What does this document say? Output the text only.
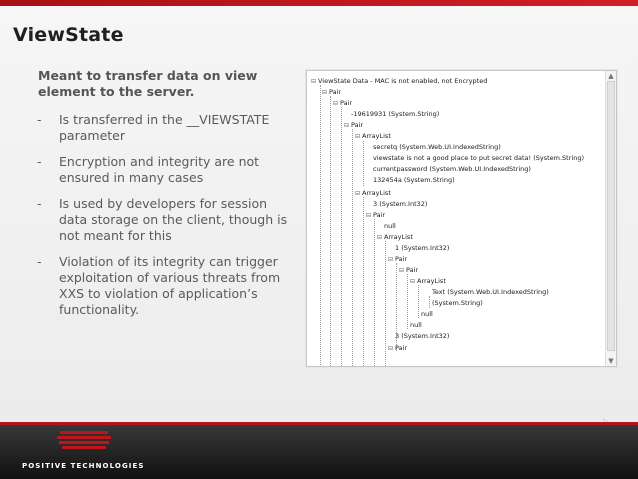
ViewState
Meant to transfer data on view element to the server.
- Is transferred in the __VIEWSTATE parameter
- Encryption and integrity are not ensured in many cases
- Is used by developers for session data storage on the client, though is not meant for this
- Violation of its integrity can trigger exploitation of various threats from XXS to violation of application’s functionality.
⊟ ViewState Data - MAC is not enabled, not Encrypted
⊟ Pair
⊟ Pair
-19619931 (System.String)
⊟ Pair
⊟ ArrayList
secretq (System.Web.UI.IndexedString)
viewstate is not a good place to put secret data! (System.String)
currentpassword (System.Web.UI.IndexedString)
132454a (System.String)
⊟ ArrayList
3 (System.Int32)
⊟ Pair
null
⊟ ArrayList
1 (System.Int32)
⊟ Pair
⊟ Pair
⊟ ArrayList
Text (System.Web.UI.IndexedString)
(System.String)
null
null
3 (System.Int32)
⊟ Pair
▲
▼
POSITIVE TECHNOLOGIES
